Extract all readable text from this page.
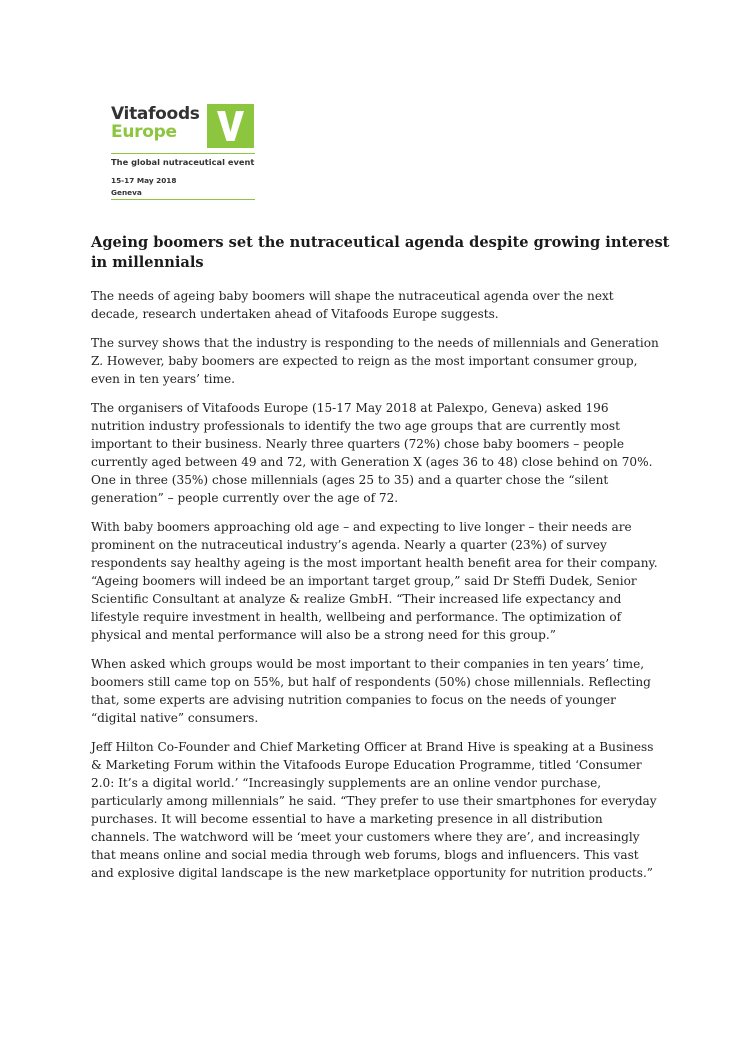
Vitafoods
Europe
The global nutraceutical event
15-17 May 2018
Geneva
Ageing boomers set the nutraceutical agenda despite growing interest in millennials

The needs of ageing baby boomers will shape the nutraceutical agenda over the next decade, research undertaken ahead of Vitafoods Europe suggests.

The survey shows that the industry is responding to the needs of millennials and Generation Z. However, baby boomers are expected to reign as the most important consumer group, even in ten years’ time.

The organisers of Vitafoods Europe (15-17 May 2018 at Palexpo, Geneva) asked 196 nutrition industry professionals to identify the two age groups that are currently most important to their business. Nearly three quarters (72%) chose baby boomers – people currently aged between 49 and 72, with Generation X (ages 36 to 48) close behind on 70%. One in three (35%) chose millennials (ages 25 to 35) and a quarter chose the “silent generation” – people currently over the age of 72.

With baby boomers approaching old age – and expecting to live longer – their needs are prominent on the nutraceutical industry’s agenda. Nearly a quarter (23%) of survey respondents say healthy ageing is the most important health benefit area for their company. “Ageing boomers will indeed be an important target group,” said Dr Steffi Dudek, Senior Scientific Consultant at analyze & realize GmbH. “Their increased life expectancy and lifestyle require investment in health, wellbeing and performance. The optimization of physical and mental performance will also be a strong need for this group.”

When asked which groups would be most important to their companies in ten years’ time, boomers still came top on 55%, but half of respondents (50%) chose millennials. Reflecting that, some experts are advising nutrition companies to focus on the needs of younger “digital native” consumers.

Jeff Hilton Co-Founder and Chief Marketing Officer at Brand Hive is speaking at a Business & Marketing Forum within the Vitafoods Europe Education Programme, titled ‘Consumer 2.0: It’s a digital world.’ “Increasingly supplements are an online vendor purchase, particularly among millennials” he said. “They prefer to use their smartphones for everyday purchases. It will become essential to have a marketing presence in all distribution channels. The watchword will be ‘meet your customers where they are’, and increasingly that means online and social media through web forums, blogs and influencers. This vast and explosive digital landscape is the new marketplace opportunity for nutrition products.”
